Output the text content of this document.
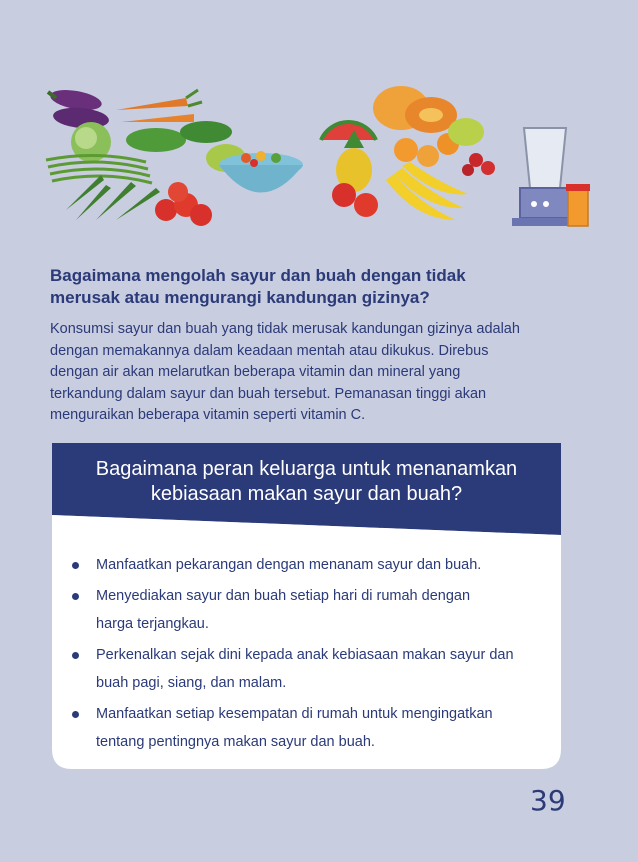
Bagaimana mengolah sayur dan buah dengan tidak
merusak atau mengurangi kandungan gizinya?

Konsumsi sayur dan buah yang tidak merusak kandungan gizinya adalah
dengan memakannya dalam keadaan mentah atau dikukus. Direbus
dengan air akan melarutkan beberapa vitamin dan mineral yang
terkandung dalam sayur dan buah tersebut. Pemanasan tinggi akan
menguraikan beberapa vitamin seperti vitamin C.

Bagaimana peran keluarga untuk menanamkan
kebiasaan makan sayur dan buah?
Manfaatkan pekarangan dengan menanam sayur dan buah.
Menyediakan sayur dan buah setiap hari di rumah dengan
harga terjangkau.
Perkenalkan sejak dini kepada anak kebiasaan makan sayur dan
buah pagi, siang, dan malam.
Manfaatkan setiap kesempatan di rumah untuk mengingatkan
tentang pentingnya makan sayur dan buah.
39
